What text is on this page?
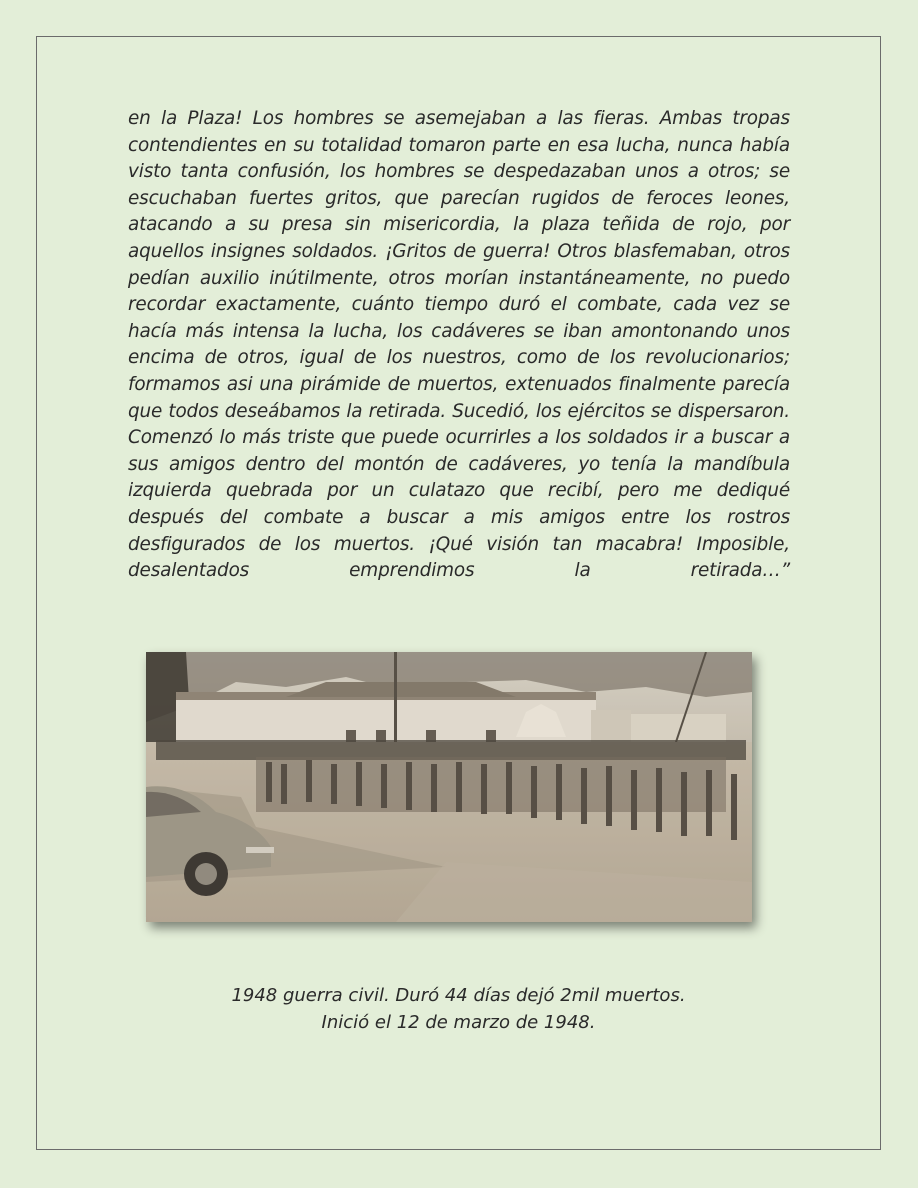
en la Plaza! Los hombres se asemejaban a las fieras. Ambas tropas contendientes en su totalidad tomaron parte en esa lucha, nunca había visto tanta confusión, los hombres se despedazaban unos a otros; se escuchaban fuertes gritos, que parecían rugidos de feroces leones, atacando a su presa sin misericordia, la plaza teñida de rojo, por aquellos insignes soldados. ¡Gritos de guerra! Otros blasfemaban, otros pedían auxilio inútilmente, otros morían instantáneamente, no puedo recordar exactamente, cuánto tiempo duró el combate, cada vez se hacía más intensa la lucha, los cadáveres se iban amontonando unos encima de otros, igual de los nuestros, como de los revolucionarios; formamos asi una pirámide de muertos, extenuados finalmente parecía que todos deseábamos la retirada. Sucedió, los ejércitos se dispersaron. Comenzó lo más triste que puede ocurrirles a los soldados ir a buscar a sus amigos dentro del montón de cadáveres, yo tenía la mandíbula izquierda quebrada por un culatazo que recibí, pero me dediqué después del combate a buscar a mis amigos entre los rostros desfigurados de los muertos. ¡Qué visión tan macabra! Imposible, desalentados emprendimos la retirada…”

1948 guerra civil. Duró 44 días dejó 2mil muertos.

Inició el 12 de marzo de 1948.
